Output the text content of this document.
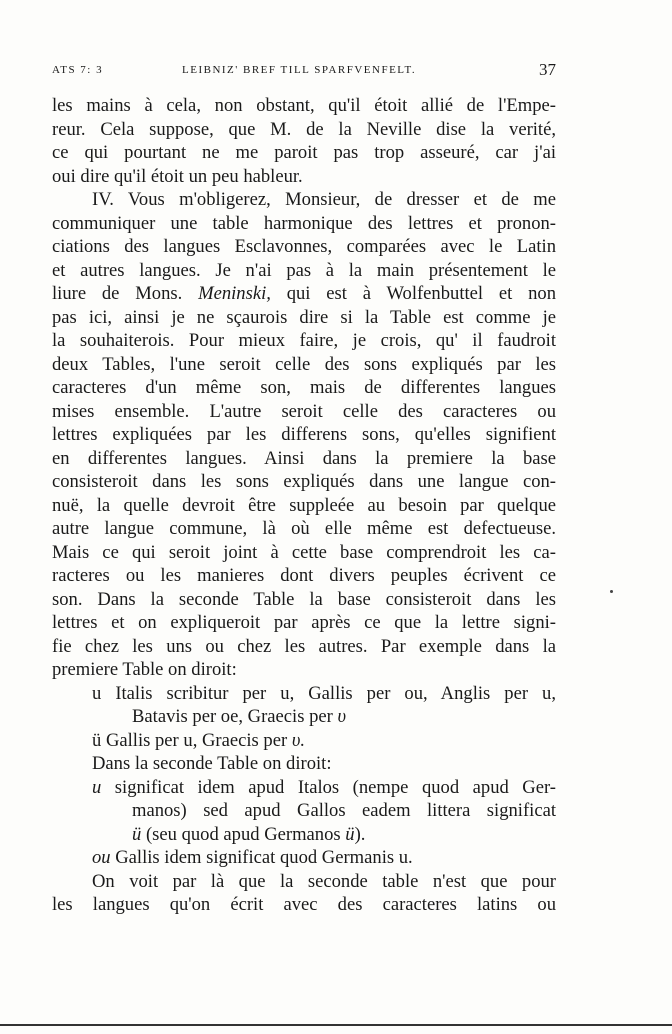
ATS 7: 3	LEIBNIZ' BREF TILL SPARFVENFELT.	37
les mains à cela, non obstant, qu'il étoit allié de l'Empe-
reur. Cela suppose, que M. de la Neville dise la verité,
ce qui pourtant ne me paroit pas trop asseuré, car j'ai
oui dire qu'il étoit un peu hableur.
IV. Vous m'obligerez, Monsieur, de dresser et de me
communiquer une table harmonique des lettres et pronon-
ciations des langues Esclavonnes, comparées avec le Latin
et autres langues. Je n'ai pas à la main présentement le
liure de Mons. Meninski, qui est à Wolfenbuttel et non
pas ici, ainsi je ne sçaurois dire si la Table est comme je
la souhaiterois. Pour mieux faire, je crois, qu' il faudroit
deux Tables, l'une seroit celle des sons expliqués par les
caracteres d'un même son, mais de differentes langues
mises ensemble. L'autre seroit celle des caracteres ou
lettres expliquées par les differens sons, qu'elles signifient
en differentes langues. Ainsi dans la premiere la base
consisteroit dans les sons expliqués dans une langue con-
nuë, la quelle devroit être suppleée au besoin par quelque
autre langue commune, là où elle même est defectueuse.
Mais ce qui seroit joint à cette base comprendroit les ca-
racteres ou les manieres dont divers peuples écrivent ce
son. Dans la seconde Table la base consisteroit dans les
lettres et on expliqueroit par après ce que la lettre signi-
fie chez les uns ou chez les autres. Par exemple dans la
premiere Table on diroit:
u Italis scribitur per u, Gallis per ou, Anglis per u,
Batavis per oe, Graecis per υ
ü Gallis per u, Graecis per υ.
Dans la seconde Table on diroit:
u significat idem apud Italos (nempe quod apud Ger-
manos) sed apud Gallos eadem littera significat
ü (seu quod apud Germanos ü).
ou Gallis idem significat quod Germanis u.
On voit par là que la seconde table n'est que pour
les langues qu'on écrit avec des caracteres latins ou
